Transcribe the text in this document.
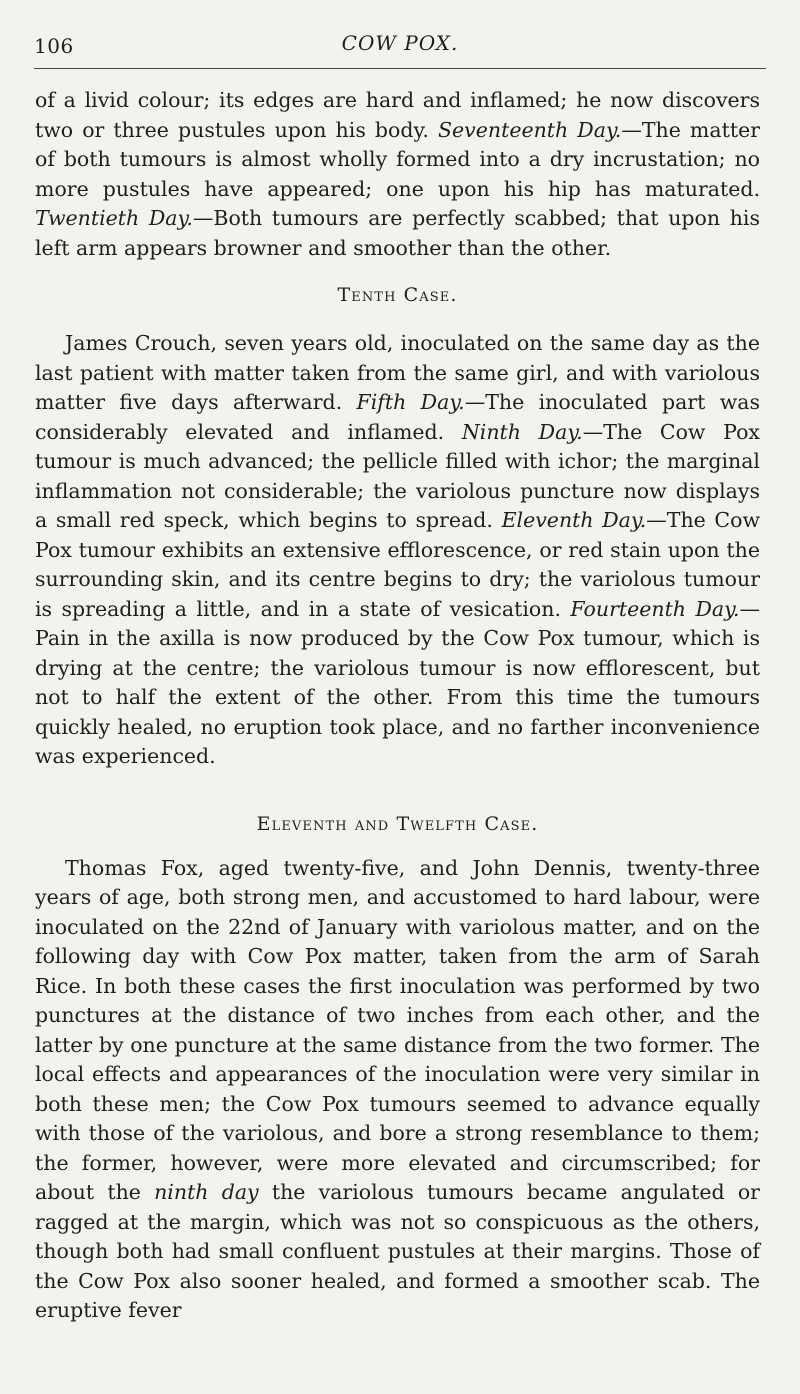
106	COW POX.

of a livid colour; its edges are hard and inflamed; he now discovers two or three pustules upon his body. Seventeenth Day.—The matter of both tumours is almost wholly formed into a dry incrustation; no more pustules have appeared; one upon his hip has maturated. Twentieth Day.—Both tumours are perfectly scabbed; that upon his left arm appears browner and smoother than the other.

Tenth Case.

James Crouch, seven years old, inoculated on the same day as the last patient with matter taken from the same girl, and with variolous matter five days afterward. Fifth Day.—The inoculated part was considerably elevated and inflamed. Ninth Day.—The Cow Pox tumour is much advanced; the pellicle filled with ichor; the marginal inflammation not considerable; the variolous puncture now displays a small red speck, which begins to spread. Eleventh Day.—The Cow Pox tumour exhibits an extensive efflorescence, or red stain upon the surrounding skin, and its centre begins to dry; the variolous tumour is spreading a little, and in a state of vesication. Fourteenth Day.—Pain in the axilla is now produced by the Cow Pox tumour, which is drying at the centre; the variolous tumour is now efflorescent, but not to half the extent of the other. From this time the tumours quickly healed, no eruption took place, and no farther inconvenience was experienced.

Eleventh and Twelfth Case.

Thomas Fox, aged twenty-five, and John Dennis, twenty-three years of age, both strong men, and accustomed to hard labour, were inoculated on the 22nd of January with variolous matter, and on the following day with Cow Pox matter, taken from the arm of Sarah Rice. In both these cases the first inoculation was performed by two punctures at the distance of two inches from each other, and the latter by one puncture at the same distance from the two former. The local effects and appearances of the inoculation were very similar in both these men; the Cow Pox tumours seemed to advance equally with those of the variolous, and bore a strong resemblance to them; the former, however, were more elevated and circumscribed; for about the ninth day the variolous tumours became angulated or ragged at the margin, which was not so conspicuous as the others, though both had small confluent pustules at their margins. Those of the Cow Pox also sooner healed, and formed a smoother scab. The eruptive fever
